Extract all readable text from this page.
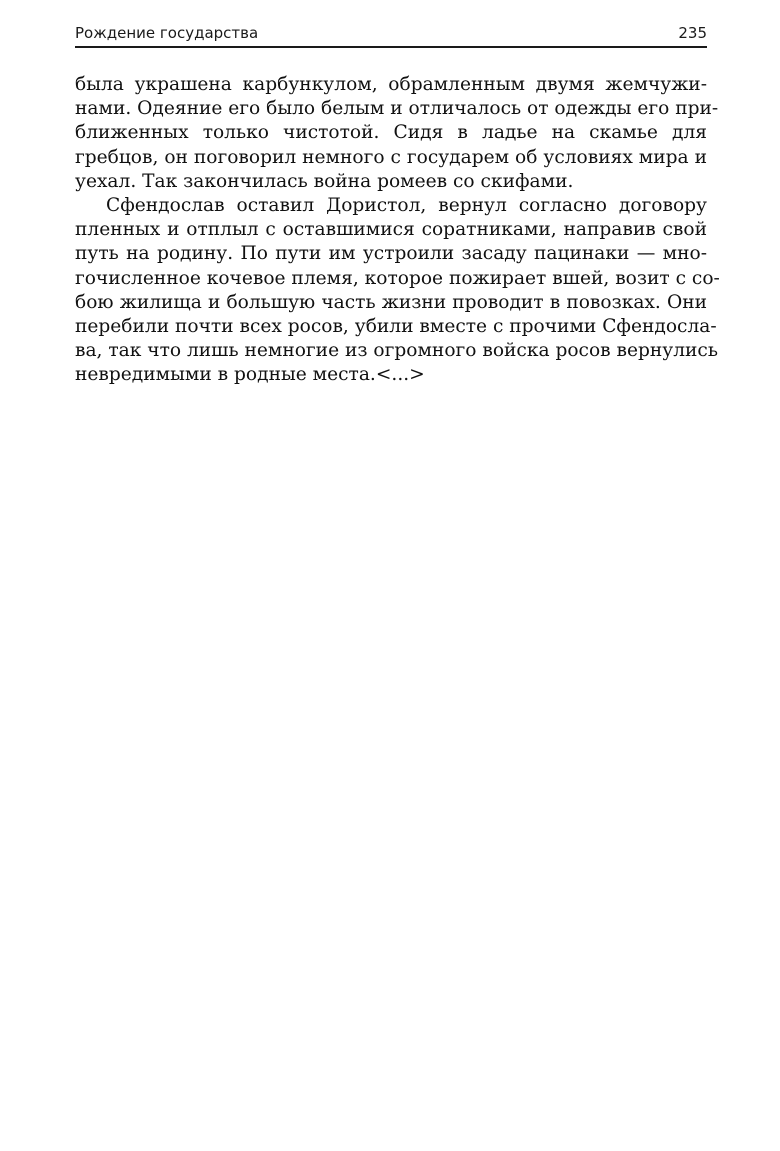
Рождение государства	235

была украшена карбункулом, обрамленным двумя жемчужи-
нами. Одеяние его было белым и отличалось от одежды его при-
ближенных только чистотой. Сидя в ладье на скамье для
гребцов, он поговорил немного с государем об условиях мира и
уехал. Так закончилась война ромеев со скифами.

Сфендослав оставил Дористол, вернул согласно договору
пленных и отплыл с оставшимися соратниками, направив свой
путь на родину. По пути им устроили засаду пацинаки — мно-
гочисленное кочевое племя, которое пожирает вшей, возит с со-
бою жилища и большую часть жизни проводит в повозках. Они
перебили почти всех росов, убили вместе с прочими Сфендосла-
ва, так что лишь немногие из огромного войска росов вернулись
невредимыми в родные места.<...>
